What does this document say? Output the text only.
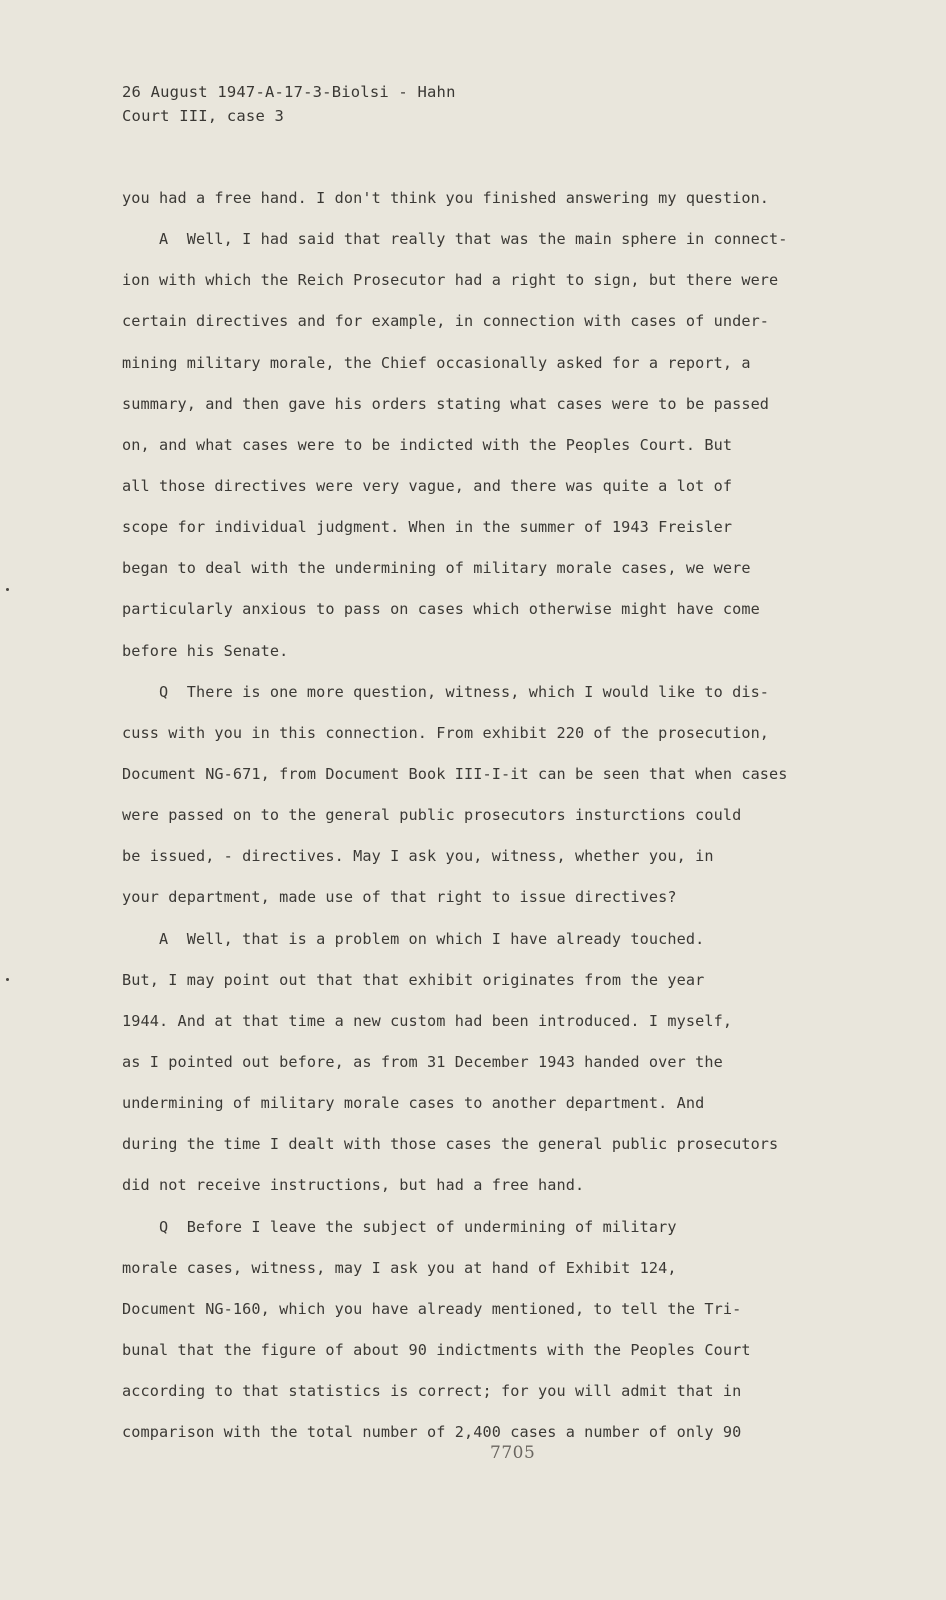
26 August 1947-A-17-3-Biolsi - Hahn
Court III, case 3
you had a free hand. I don't think you finished answering my question.
A  Well, I had said that really that was the main sphere in connect-
ion with which the Reich Prosecutor had a right to sign, but there were
certain directives and for example, in connection with cases of under-
mining military morale, the Chief occasionally asked for a report, a
summary, and then gave his orders stating what cases were to be passed
on, and what cases were to be indicted with the Peoples Court. But
all those directives were very vague, and there was quite a lot of
scope for individual judgment. When in the summer of 1943 Freisler
began to deal with the undermining of military morale cases, we were
particularly anxious to pass on cases which otherwise might have come
before his Senate.
Q  There is one more question, witness, which I would like to dis-
cuss with you in this connection. From exhibit 220 of the prosecution,
Document NG-671, from Document Book III-I-it can be seen that when cases
were passed on to the general public prosecutors insturctions could
be issued, - directives. May I ask you, witness, whether you, in
your department, made use of that right to issue directives?
A  Well, that is a problem on which I have already touched.
But, I may point out that that exhibit originates from the year
1944. And at that time a new custom had been introduced. I myself,
as I pointed out before, as from 31 December 1943 handed over the
undermining of military morale cases to another department. And
during the time I dealt with those cases the general public prosecutors
did not receive instructions, but had a free hand.
Q  Before I leave the subject of undermining of military
morale cases, witness, may I ask you at hand of Exhibit 124,
Document NG-160, which you have already mentioned, to tell the Tri-
bunal that the figure of about 90 indictments with the Peoples Court
according to that statistics is correct; for you will admit that in
comparison with the total number of 2,400 cases a number of only 90
7705
